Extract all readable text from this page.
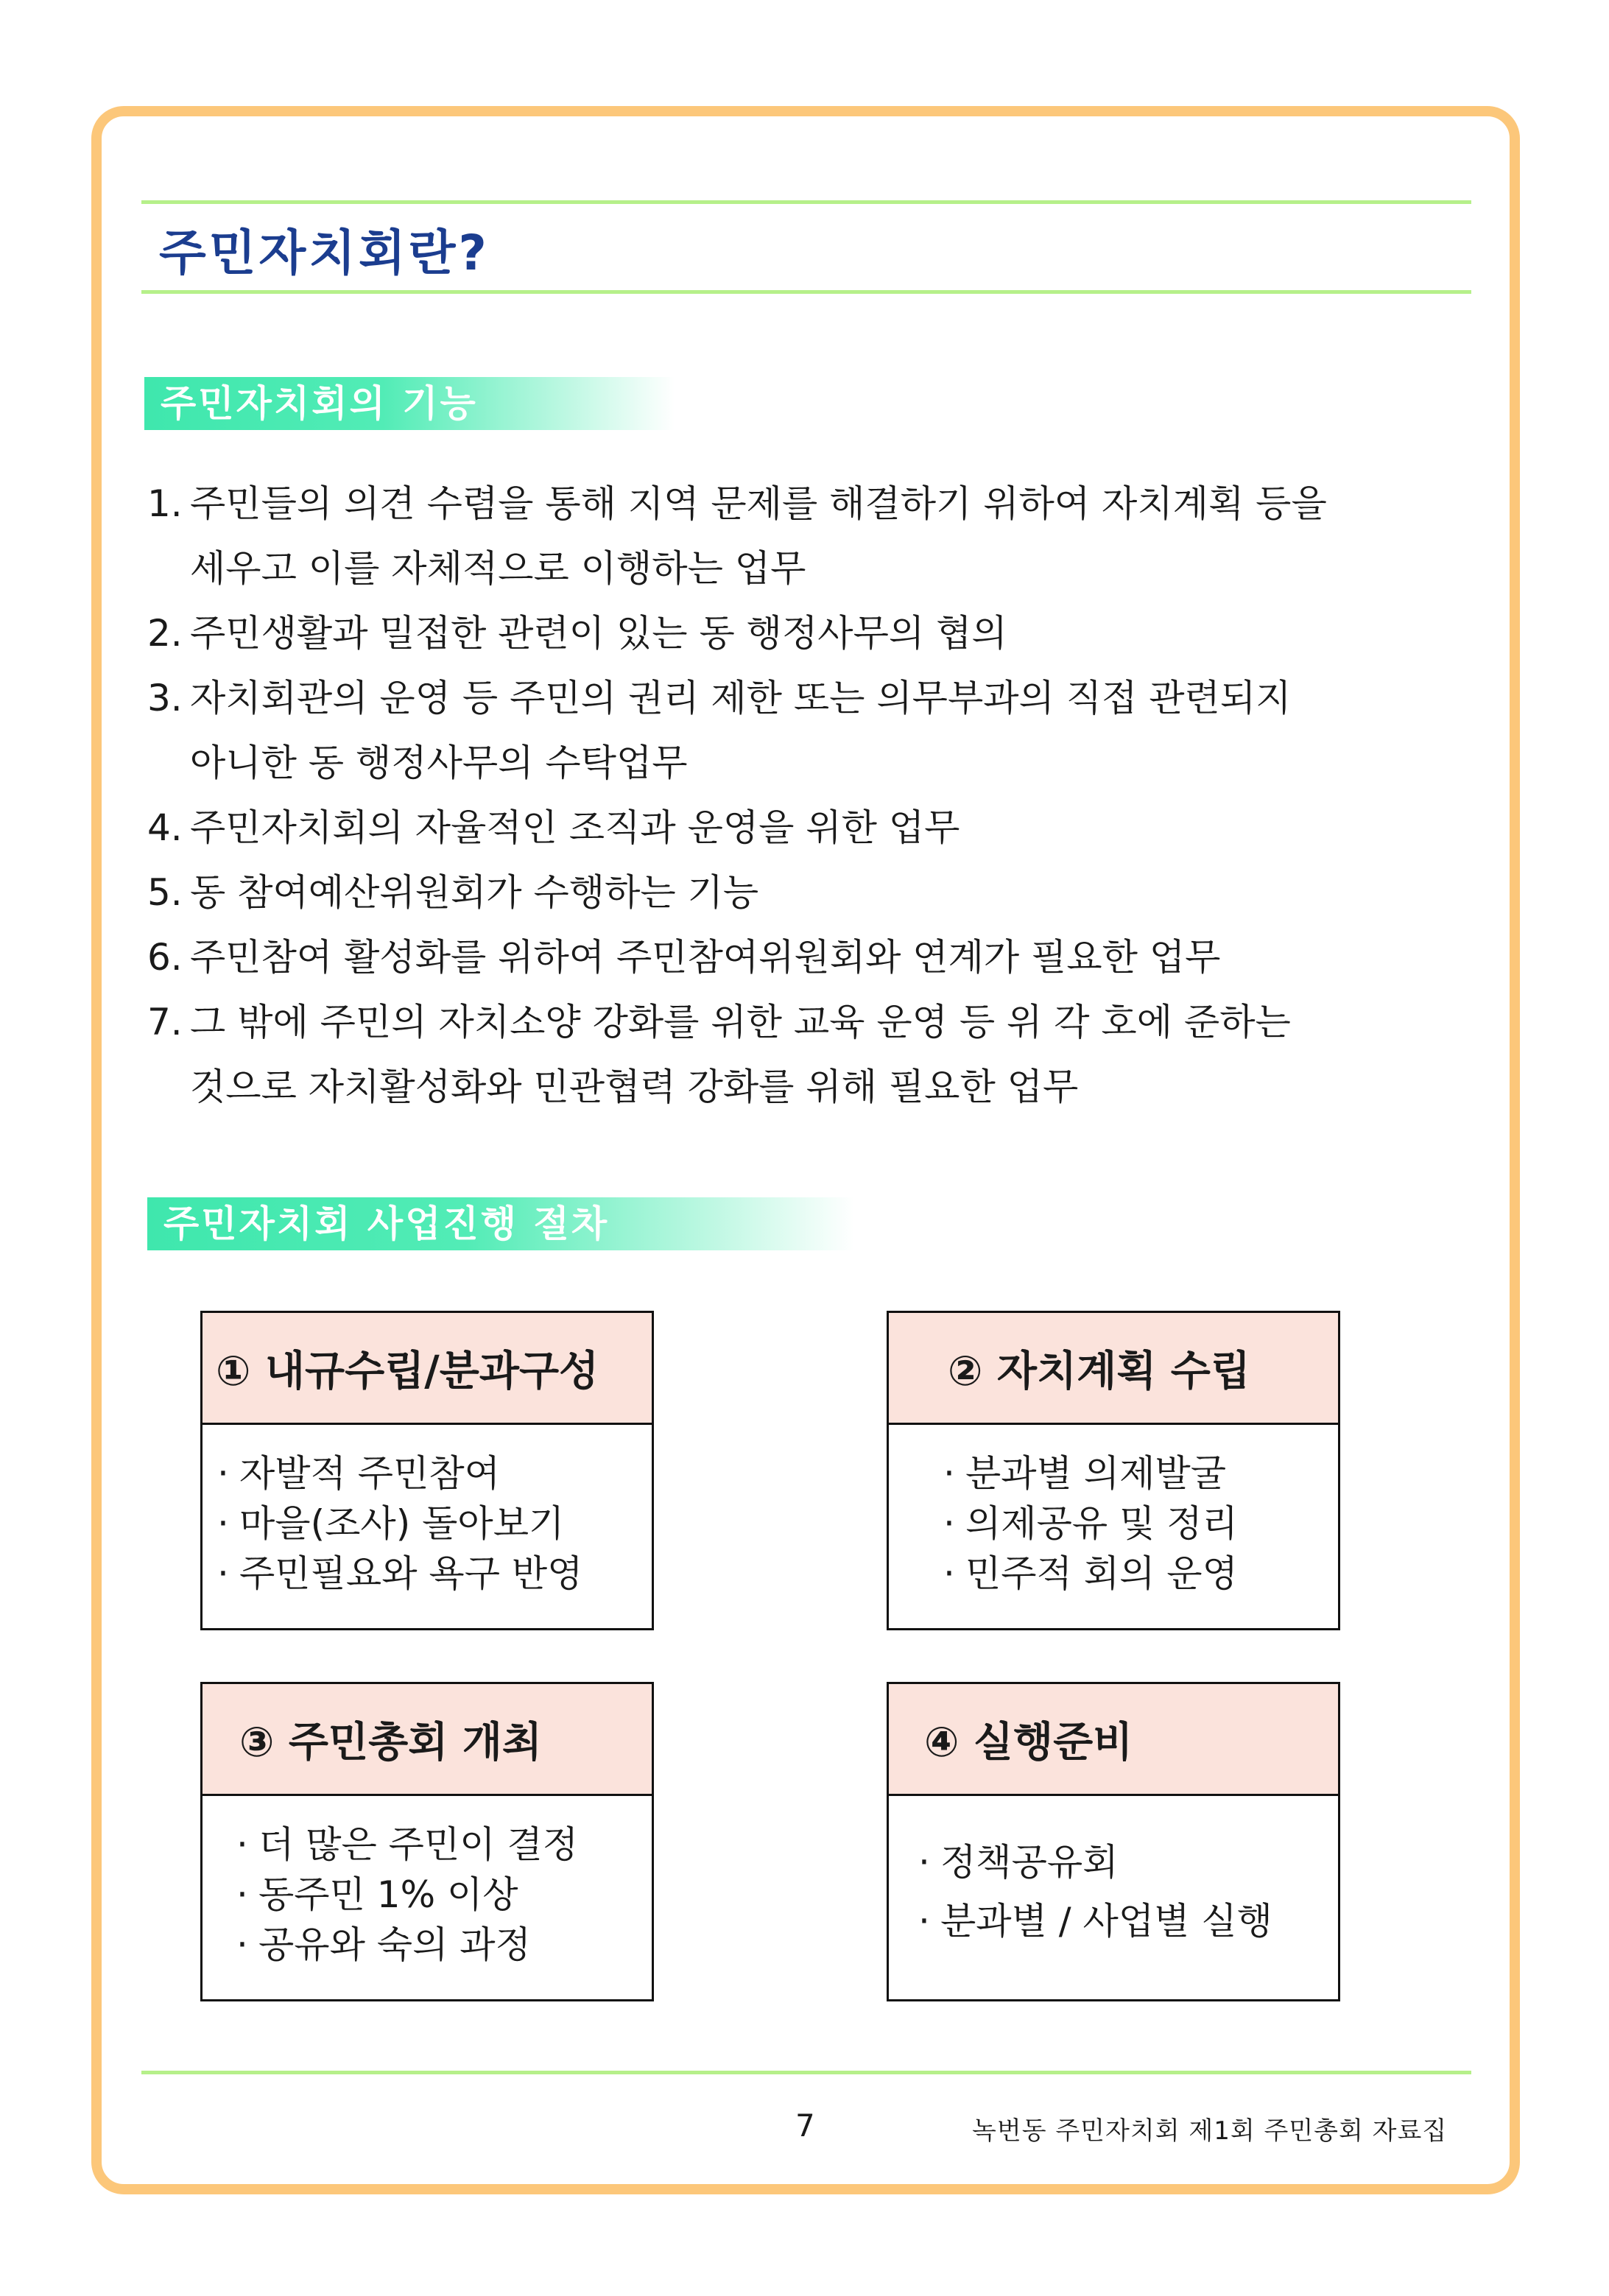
주민자치회란?
주민자치회의 기능
1. 주민들의 의견 수렴을 통해 지역 문제를 해결하기 위하여 자치계획 등을
세우고 이를 자체적으로 이행하는 업무
2. 주민생활과 밀접한 관련이 있는 동 행정사무의 협의
3. 자치회관의 운영 등 주민의 권리 제한 또는 의무부과의 직접 관련되지
아니한 동 행정사무의 수탁업무
4. 주민자치회의 자율적인 조직과 운영을 위한 업무
5. 동 참여예산위원회가 수행하는 기능
6. 주민참여 활성화를 위하여 주민참여위원회와 연계가 필요한 업무
7. 그 밖에 주민의 자치소양 강화를 위한 교육 운영 등 위 각 호에 준하는
것으로 자치활성화와 민관협력 강화를 위해 필요한 업무
주민자치회 사업진행 절차
① 내규수립/분과구성
· 자발적 주민참여
· 마을(조사) 돌아보기
· 주민필요와 욕구 반영
② 자치계획 수립
· 분과별 의제발굴
· 의제공유 및 정리
· 민주적 회의 운영
③ 주민총회 개최
· 더 많은 주민이 결정
· 동주민 1% 이상
· 공유와 숙의 과정
④ 실행준비
· 정책공유회
· 분과별 / 사업별 실행
7	녹번동 주민자치회 제1회 주민총회 자료집
